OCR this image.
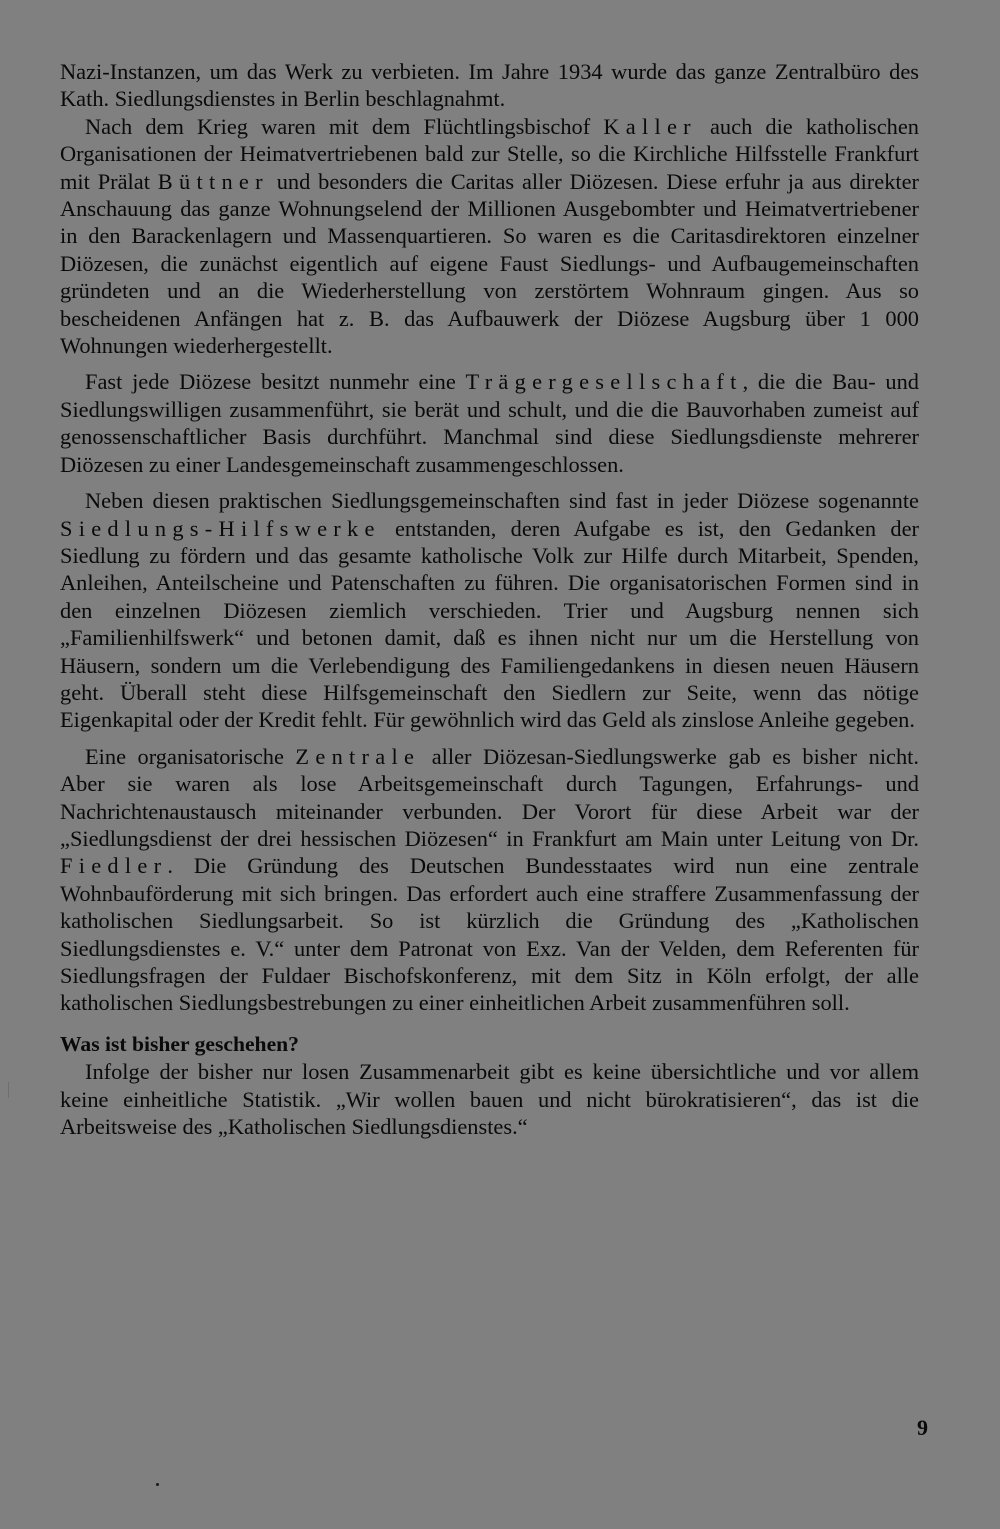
Nazi-Instanzen, um das Werk zu verbieten. Im Jahre 1934 wurde das ganze Zentralbüro des Kath. Siedlungsdienstes in Berlin beschlagnahmt.

Nach dem Krieg waren mit dem Flüchtlingsbischof Kaller auch die katholischen Organisationen der Heimatvertriebenen bald zur Stelle, so die Kirchliche Hilfsstelle Frankfurt mit Prälat Büttner und besonders die Caritas aller Diözesen. Diese erfuhr ja aus direkter Anschauung das ganze Wohnungselend der Millionen Ausgebombter und Heimatvertriebener in den Barackenlagern und Massenquartieren. So waren es die Caritasdirektoren einzelner Diözesen, die zunächst eigentlich auf eigene Faust Siedlungs- und Aufbaugemeinschaften gründeten und an die Wiederherstellung von zerstörtem Wohnraum gingen. Aus so bescheidenen Anfängen hat z. B. das Aufbauwerk der Diözese Augsburg über 1 000 Wohnungen wiederhergestellt.

Fast jede Diözese besitzt nunmehr eine Trägergesellschaft, die die Bau- und Siedlungswilligen zusammenführt, sie berät und schult, und die die Bauvorhaben zumeist auf genossenschaftlicher Basis durchführt. Manchmal sind diese Siedlungsdienste mehrerer Diözesen zu einer Landesgemeinschaft zusammengeschlossen.

Neben diesen praktischen Siedlungsgemeinschaften sind fast in jeder Diözese sogenannte Siedlungs-Hilfswerke entstanden, deren Aufgabe es ist, den Gedanken der Siedlung zu fördern und das gesamte katholische Volk zur Hilfe durch Mitarbeit, Spenden, Anleihen, Anteilscheine und Patenschaften zu führen. Die organisatorischen Formen sind in den einzelnen Diözesen ziemlich verschieden. Trier und Augsburg nennen sich „Familienhilfswerk“ und betonen damit, daß es ihnen nicht nur um die Herstellung von Häusern, sondern um die Verlebendigung des Familiengedankens in diesen neuen Häusern geht. Überall steht diese Hilfsgemeinschaft den Siedlern zur Seite, wenn das nötige Eigenkapital oder der Kredit fehlt. Für gewöhnlich wird das Geld als zinslose Anleihe gegeben.

Eine organisatorische Zentrale aller Diözesan-Siedlungswerke gab es bisher nicht. Aber sie waren als lose Arbeitsgemeinschaft durch Tagungen, Erfahrungs- und Nachrichtenaustausch miteinander verbunden. Der Vorort für diese Arbeit war der „Siedlungsdienst der drei hessischen Diözesen“ in Frankfurt am Main unter Leitung von Dr. Fiedler. Die Gründung des Deutschen Bundesstaates wird nun eine zentrale Wohnbauförderung mit sich bringen. Das erfordert auch eine straffere Zusammenfassung der katholischen Siedlungsarbeit. So ist kürzlich die Gründung des „Katholischen Siedlungsdienstes e. V.“ unter dem Patronat von Exz. Van der Velden, dem Referenten für Siedlungsfragen der Fuldaer Bischofskonferenz, mit dem Sitz in Köln erfolgt, der alle katholischen Siedlungsbestrebungen zu einer einheitlichen Arbeit zusammenführen soll.

Was ist bisher geschehen?

Infolge der bisher nur losen Zusammenarbeit gibt es keine übersichtliche und vor allem keine einheitliche Statistik. „Wir wollen bauen und nicht bürokratisieren“, das ist die Arbeitsweise des „Katholischen Siedlungsdienstes.“

9
